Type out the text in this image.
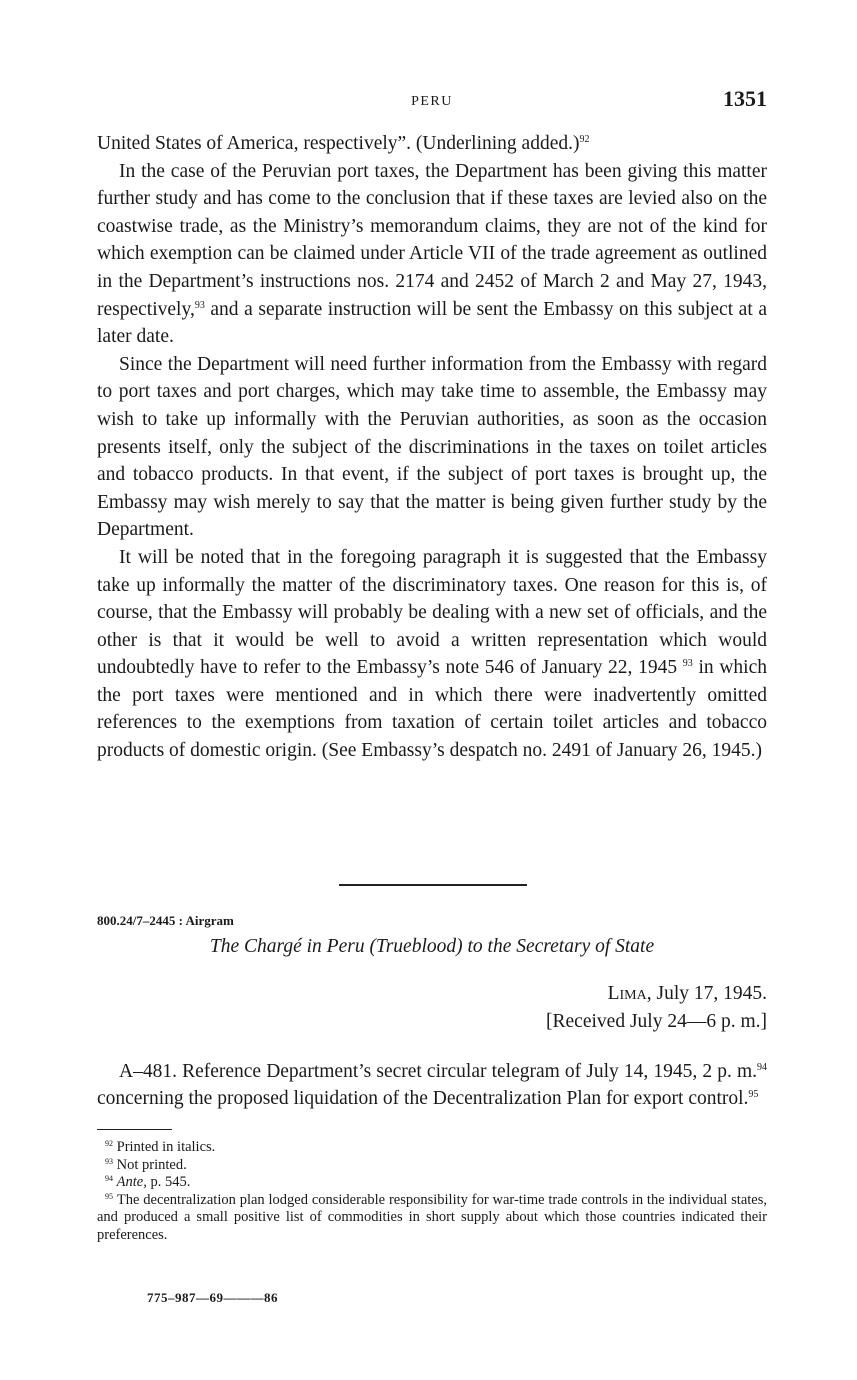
PERU	1351

United States of America, respectively”. (Underlining added.)$^{92}$

In the case of the Peruvian port taxes, the Department has been giving this matter further study and has come to the conclusion that if these taxes are levied also on the coastwise trade, as the Ministry’s memorandum claims, they are not of the kind for which exemption can be claimed under Article VII of the trade agreement as outlined in the Department’s instructions nos. 2174 and 2452 of March 2 and May 27, 1943, respectively,$^{93}$ and a separate instruction will be sent the Embassy on this subject at a later date.

Since the Department will need further information from the Embassy with regard to port taxes and port charges, which may take time to assemble, the Embassy may wish to take up informally with the Peruvian authorities, as soon as the occasion presents itself, only the subject of the discriminations in the taxes on toilet articles and tobacco products. In that event, if the subject of port taxes is brought up, the Embassy may wish merely to say that the matter is being given further study by the Department.

It will be noted that in the foregoing paragraph it is suggested that the Embassy take up informally the matter of the discriminatory taxes. One reason for this is, of course, that the Embassy will probably be dealing with a new set of officials, and the other is that it would be well to avoid a written representation which would undoubtedly have to refer to the Embassy’s note 546 of January 22, 1945 $^{93}$ in which the port taxes were mentioned and in which there were inadvertently omitted references to the exemptions from taxation of certain toilet articles and tobacco products of domestic origin. (See Embassy’s despatch no. 2491 of January 26, 1945.)

800.24/7–2445 : Airgram
The Chargé in Peru (Trueblood) to the Secretary of State
Lima, July 17, 1945.
[Received July 24—6 p. m.]

A–481. Reference Department’s secret circular telegram of July 14, 1945, 2 p. m.$^{94}$ concerning the proposed liquidation of the Decentralization Plan for export control.$^{95}$

$^{92}$ Printed in italics.

$^{93}$ Not printed.

$^{94}$ Ante, p. 545.

$^{95}$ The decentralization plan lodged considerable responsibility for war-time trade controls in the individual states, and produced a small positive list of commodities in short supply about which those countries indicated their preferences.

775–987—69———86
